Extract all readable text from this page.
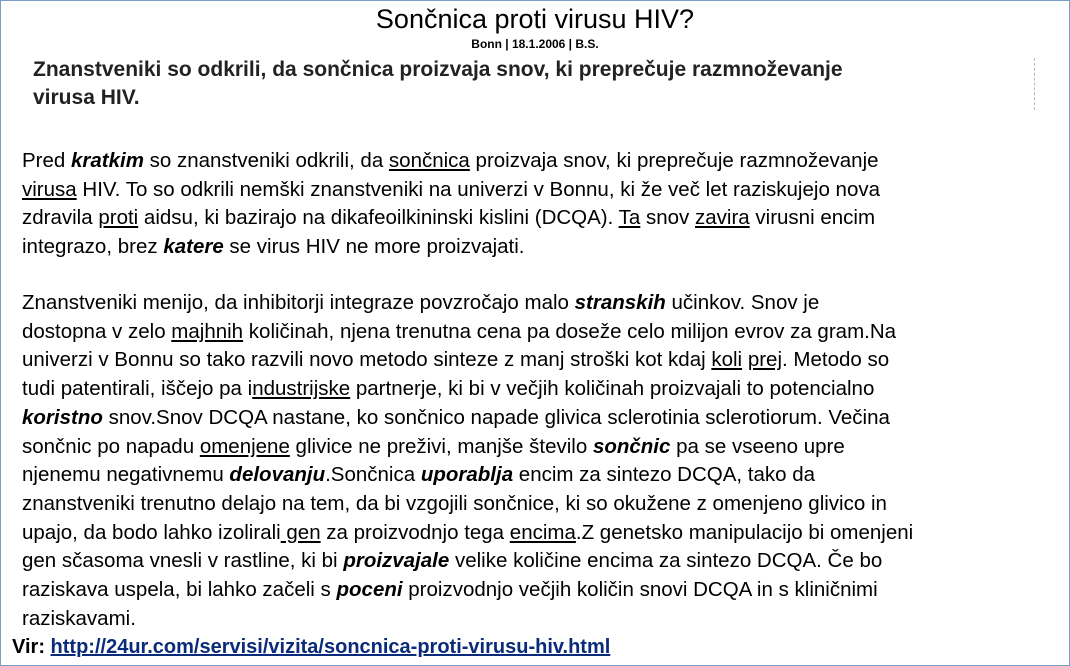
Sončnica proti virusu HIV?
Bonn | 18.1.2006 | B.S.
Znanstveniki so odkrili, da sončnica proizvaja snov, ki preprečuje razmnoževanje
virusa HIV.
Pred kratkim so znanstveniki odkrili, da sončnica proizvaja snov, ki preprečuje razmnoževanje
virusa HIV. To so odkrili nemški znanstveniki na univerzi v Bonnu, ki že več let raziskujejo nova
zdravila proti aidsu, ki bazirajo na dikafeoilkininski kislini (DCQA). Ta snov zavira virusni encim
integrazo, brez katere se virus HIV ne more proizvajati.
Znanstveniki menijo, da inhibitorji integraze povzročajo malo stranskih učinkov. Snov je
dostopna v zelo majhnih količinah, njena trenutna cena pa doseže celo milijon evrov za gram.Na
univerzi v Bonnu so tako razvili novo metodo sinteze z manj stroški kot kdaj koli prej. Metodo so
tudi patentirali, iščejo pa industrijske partnerje, ki bi v večjih količinah proizvajali to potencialno
koristno snov.Snov DCQA nastane, ko sončnico napade glivica sclerotinia sclerotiorum. Večina
sončnic po napadu omenjene glivice ne preživi, manjše število sončnic pa se vseeno upre
njenemu negativnemu delovanju.Sončnica uporablja encim za sintezo DCQA, tako da
znanstveniki trenutno delajo na tem, da bi vzgojili sončnice, ki so okužene z omenjeno glivico in
upajo, da bodo lahko izolirali gen za proizvodnjo tega encima.Z genetsko manipulacijo bi omenjeni
gen sčasoma vnesli v rastline, ki bi proizvajale velike količine encima za sintezo DCQA. Če bo
raziskava uspela, bi lahko začeli s poceni proizvodnjo večjih količin snovi DCQA in s kliničnimi
raziskavami.
Vir: http://24ur.com/servisi/vizita/soncnica-proti-virusu-hiv.html
